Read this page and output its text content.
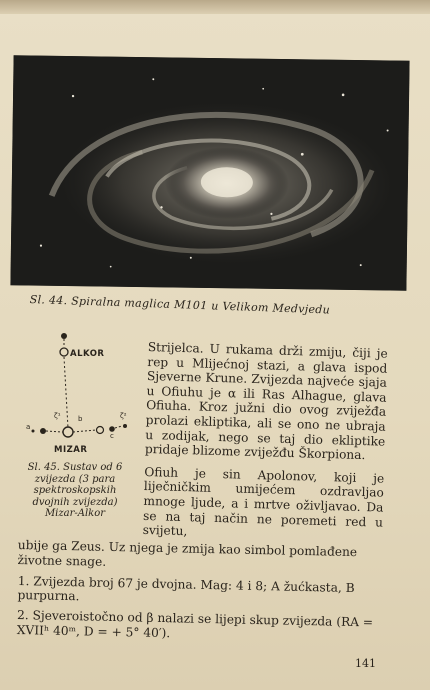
Sl. 44. Spiralna maglica M101 u Velikom Medvjedu
ALKOR
ζ¹	ζ²
a
b
c
MIZAR
Sl. 45. Sustav od 6
zvijezda (3 para
spektroskopskih
dvojnih zvijezda)
Mizar-Alkor

Strijelca. U rukama drži zmiju, čiji je rep u Mlijećnoj stazi, a glava ispod Sjeverne Krune. Zvijezda najveće sjaja u Ofiuhu je α ili Ras Alhague, glava Ofiuha. Kroz južni dio ovog zviježđa prolazi ekliptika, ali se ono ne ubraja u zodijak, nego se taj dio ekliptike pridaje blizome zviježđu Škorpiona.

Ofiuh je sin Apolonov, koji je liječničkim umijećem ozdravljao mnoge ljude, a i mrtve oživljavao. Da se na taj način ne poremeti red u svijetu,

ubije ga Zeus. Uz njega je zmija kao simbol pomlađene životne snage.

1. Zvijezda broj 67 je dvojna. Mag: 4 i 8; A žućkasta, B purpurna.

2. Sjeveroistočno od β nalazi se lijepi skup zvijezda (RA = XVIIʰ 40ᵐ, D = + 5° 40′).

141
